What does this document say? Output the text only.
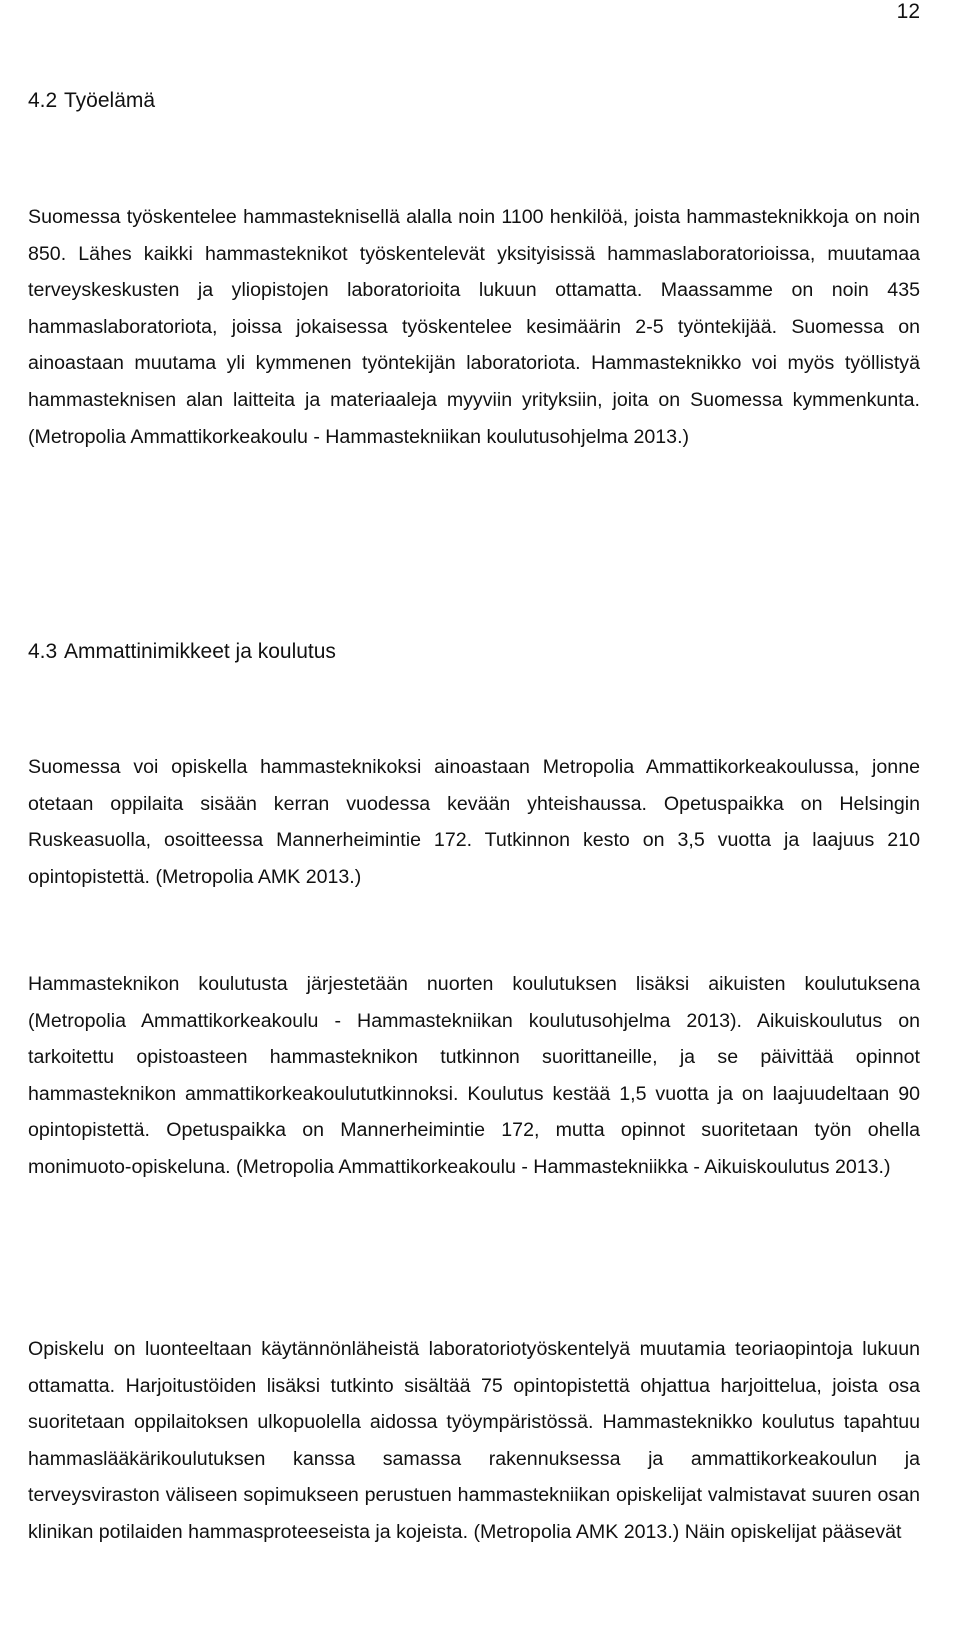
12
4.2 Työelämä

Suomessa työskentelee hammasteknisellä alalla noin 1100 henkilöä, joista hammasteknikkoja on noin 850. Lähes kaikki hammasteknikot työskentelevät yksityisissä hammaslaboratorioissa, muutamaa terveyskeskusten ja yliopistojen laboratorioita lukuun ottamatta. Maassamme on noin 435 hammaslaboratoriota, joissa jokaisessa työskentelee kesimäärin 2-5 työntekijää. Suomessa on ainoastaan muutama yli kymmenen työntekijän laboratoriota. Hammasteknikko voi myös työllistyä hammasteknisen alan laitteita ja materiaaleja myyviin yrityksiin, joita on Suomessa kymmenkunta. (Metropolia Ammattikorkeakoulu - Hammastekniikan koulutusohjelma 2013.)

4.3 Ammattinimikkeet ja koulutus

Suomessa voi opiskella hammasteknikoksi ainoastaan Metropolia Ammattikorkeakoulussa, jonne otetaan oppilaita sisään kerran vuodessa kevään yhteishaussa. Opetuspaikka on Helsingin Ruskeasuolla, osoitteessa Mannerheimintie 172. Tutkinnon kesto on 3,5 vuotta ja laajuus 210 opintopistettä. (Metropolia AMK 2013.)

Hammasteknikon koulutusta järjestetään nuorten koulutuksen lisäksi aikuisten koulutuksena (Metropolia Ammattikorkeakoulu - Hammastekniikan koulutusohjelma 2013). Aikuiskoulutus on tarkoitettu opistoasteen hammasteknikon tutkinnon suorittaneille, ja se päivittää opinnot hammasteknikon ammattikorkeakoulututkinnoksi. Koulutus kestää 1,5 vuotta ja on laajuudeltaan 90 opintopistettä. Opetuspaikka on Mannerheimintie 172, mutta opinnot suoritetaan työn ohella monimuoto-opiskeluna. (Metropolia Ammattikorkeakoulu - Hammastekniikka - Aikuiskoulutus 2013.)

Opiskelu on luonteeltaan käytännönläheistä laboratoriotyöskentelyä muutamia teoriaopintoja lukuun ottamatta. Harjoitustöiden lisäksi tutkinto sisältää 75 opintopistettä ohjattua harjoittelua, joista osa suoritetaan oppilaitoksen ulkopuolella aidossa työympäristössä. Hammasteknikko koulutus tapahtuu hammaslääkärikoulutuksen kanssa samassa rakennuksessa ja ammattikorkeakoulun ja terveysviraston väliseen sopimukseen perustuen hammastekniikan opiskelijat valmistavat suuren osan klinikan potilaiden hammasproteeseista ja kojeista. (Metropolia AMK 2013.) Näin opiskelijat pääsevät
